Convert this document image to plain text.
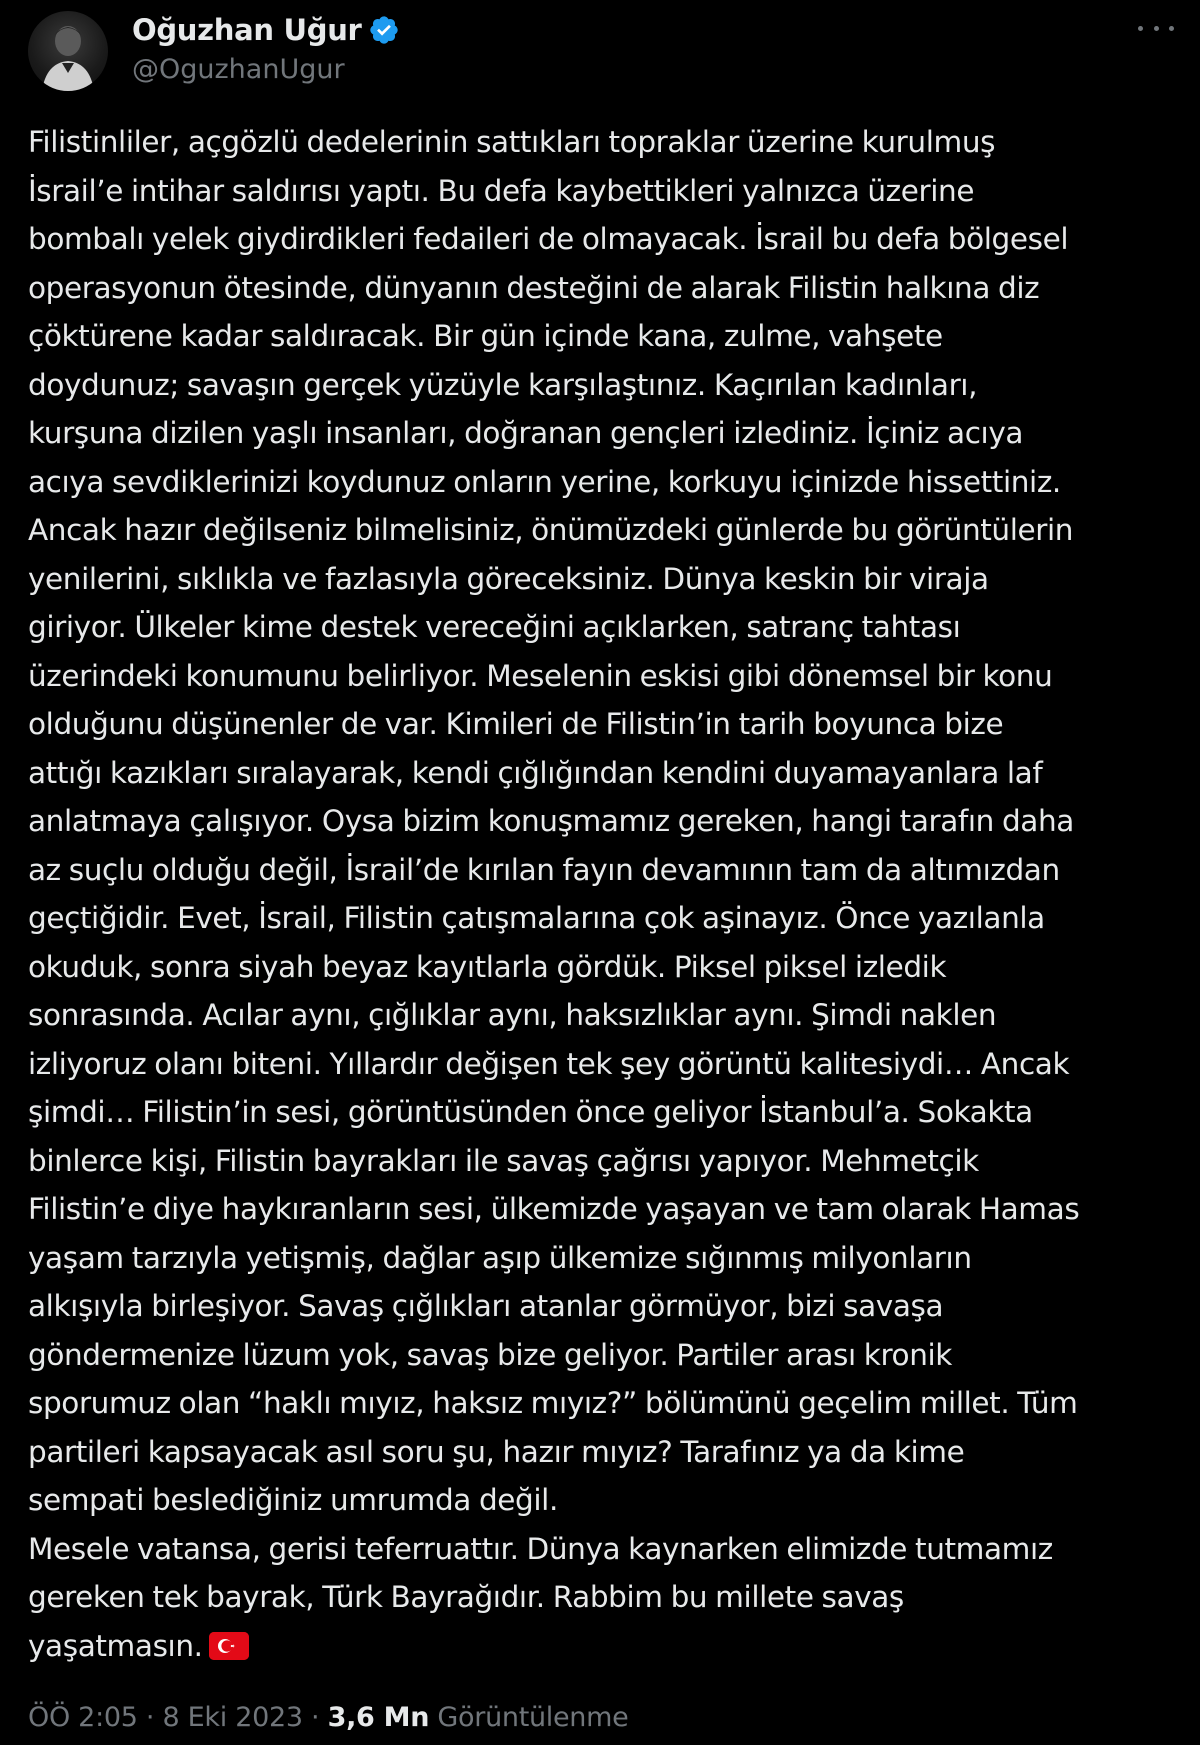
Oğuzhan Uğur
@OguzhanUgur
Filistinliler, açgözlü dedelerinin sattıkları topraklar üzerine kurulmuş
İsrail’e intihar saldırısı yaptı. Bu defa kaybettikleri yalnızca üzerine
bombalı yelek giydirdikleri fedaileri de olmayacak. İsrail bu defa bölgesel
operasyonun ötesinde, dünyanın desteğini de alarak Filistin halkına diz
çöktürene kadar saldıracak. Bir gün içinde kana, zulme, vahşete
doydunuz; savaşın gerçek yüzüyle karşılaştınız. Kaçırılan kadınları,
kurşuna dizilen yaşlı insanları, doğranan gençleri izlediniz. İçiniz acıya
acıya sevdiklerinizi koydunuz onların yerine, korkuyu içinizde hissettiniz.
Ancak hazır değilseniz bilmelisiniz, önümüzdeki günlerde bu görüntülerin
yenilerini, sıklıkla ve fazlasıyla göreceksiniz. Dünya keskin bir viraja
giriyor. Ülkeler kime destek vereceğini açıklarken, satranç tahtası
üzerindeki konumunu belirliyor. Meselenin eskisi gibi dönemsel bir konu
olduğunu düşünenler de var. Kimileri de Filistin’in tarih boyunca bize
attığı kazıkları sıralayarak, kendi çığlığından kendini duyamayanlara laf
anlatmaya çalışıyor. Oysa bizim konuşmamız gereken, hangi tarafın daha
az suçlu olduğu değil, İsrail’de kırılan fayın devamının tam da altımızdan
geçtiğidir. Evet, İsrail, Filistin çatışmalarına çok aşinayız. Önce yazılanla
okuduk, sonra siyah beyaz kayıtlarla gördük. Piksel piksel izledik
sonrasında. Acılar aynı, çığlıklar aynı, haksızlıklar aynı. Şimdi naklen
izliyoruz olanı biteni. Yıllardır değişen tek şey görüntü kalitesiydi… Ancak
şimdi… Filistin’in sesi, görüntüsünden önce geliyor İstanbul’a. Sokakta
binlerce kişi, Filistin bayrakları ile savaş çağrısı yapıyor. Mehmetçik
Filistin’e diye haykıranların sesi, ülkemizde yaşayan ve tam olarak Hamas
yaşam tarzıyla yetişmiş, dağlar aşıp ülkemize sığınmış milyonların
alkışıyla birleşiyor. Savaş çığlıkları atanlar görmüyor, bizi savaşa
göndermenize lüzum yok, savaş bize geliyor. Partiler arası kronik
sporumuz olan “haklı mıyız, haksız mıyız?” bölümünü geçelim millet. Tüm
partileri kapsayacak asıl soru şu, hazır mıyız? Tarafınız ya da kime
sempati beslediğiniz umrumda değil.
Mesele vatansa, gerisi teferruattır. Dünya kaynarken elimizde tutmamız
gereken tek bayrak, Türk Bayrağıdır. Rabbim bu millete savaş
yaşatmasın.
ÖÖ 2:05 · 8 Eki 2023 · 3,6 Mn Görüntülenme
